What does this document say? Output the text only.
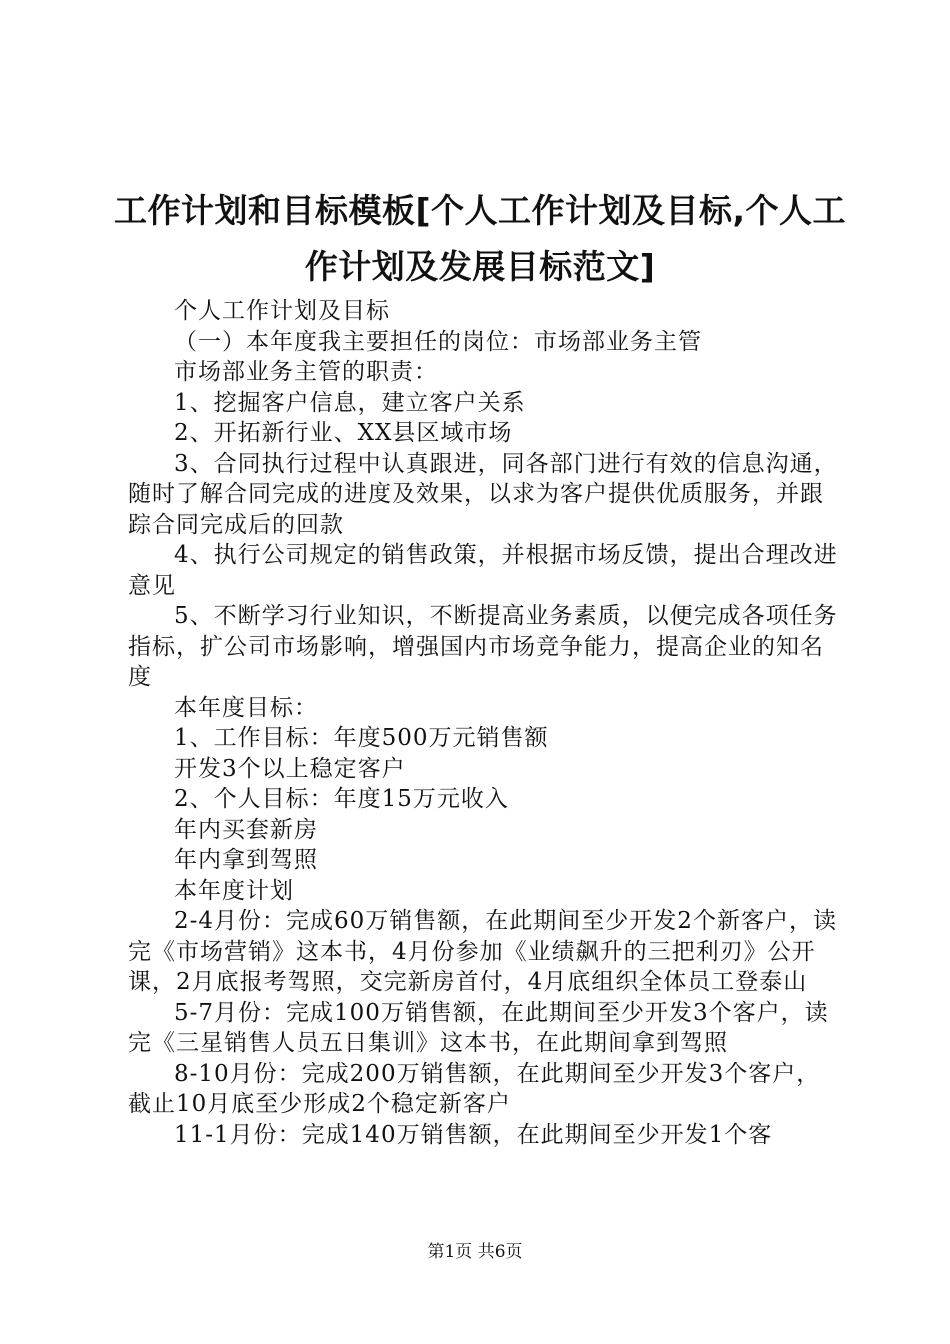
工作计划和目标模板[个人工作计划及目标,个人工作计划及发展目标范文]

个人工作计划及目标

（一）本年度我主要担任的岗位：市场部业务主管

市场部业务主管的职责：

1、挖掘客户信息，建立客户关系

2、开拓新行业、XX县区域市场

3、合同执行过程中认真跟进，同各部门进行有效的信息沟通，随时了解合同完成的进度及效果，以求为客户提供优质服务，并跟踪合同完成后的回款

4、执行公司规定的销售政策，并根据市场反馈，提出合理改进意见

5、不断学习行业知识，不断提高业务素质，以便完成各项任务指标，扩公司市场影响，增强国内市场竞争能力，提高企业的知名度

本年度目标：

1、工作目标：年度500万元销售额

开发3个以上稳定客户

2、个人目标：年度15万元收入

年内买套新房

年内拿到驾照

本年度计划

2-4月份：完成60万销售额，在此期间至少开发2个新客户，读完《市场营销》这本书，4月份参加《业绩飙升的三把利刃》公开课，2月底报考驾照，交完新房首付，4月底组织全体员工登泰山

5-7月份：完成100万销售额，在此期间至少开发3个客户，读完《三星销售人员五日集训》这本书，在此期间拿到驾照

8-10月份：完成200万销售额，在此期间至少开发3个客户，截止10月底至少形成2个稳定新客户

11-1月份：完成140万销售额，在此期间至少开发1个客

第1页 共6页
